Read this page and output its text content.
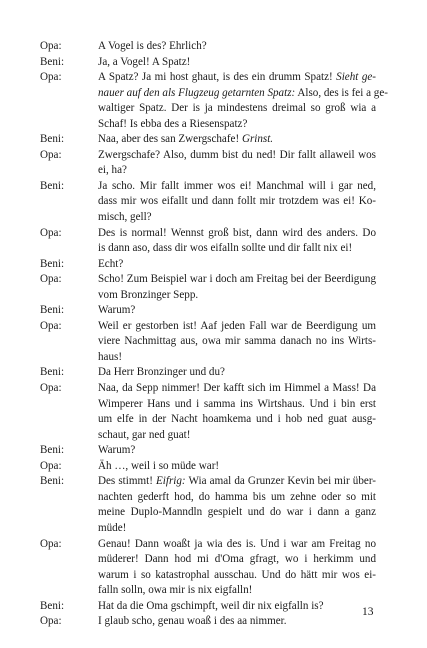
Opa:	A Vogel is des? Ehrlich?
Beni:	Ja, a Vogel! A Spatz!
Opa:	A Spatz? Ja mi host ghaut, is des ein drumm Spatz! Sieht ge-
nauer auf den als Flugzeug getarnten Spatz: Also, des is fei a ge-
waltiger Spatz. Der is ja mindestens dreimal so groß wia a
Schaf! Is ebba des a Riesenspatz?
Beni:	Naa, aber des san Zwergschafe! Grinst.
Opa:	Zwergschafe? Also, dumm bist du ned! Dir fallt allaweil wos
ei, ha?
Beni:	Ja scho. Mir fallt immer wos ei! Manchmal will i gar ned,
dass mir wos eifallt und dann follt mir trotzdem was ei! Ko-
misch, gell?
Opa:	Des is normal! Wennst groß bist, dann wird des anders. Do
is dann aso, dass dir wos eifalln sollte und dir fallt nix ei!
Beni:	Echt?
Opa:	Scho! Zum Beispiel war i doch am Freitag bei der Beerdigung
vom Bronzinger Sepp.
Beni:	Warum?
Opa:	Weil er gestorben ist! Aaf jeden Fall war de Beerdigung um
viere Nachmittag aus, owa mir samma danach no ins Wirts-
haus!
Beni:	Da Herr Bronzinger und du?
Opa:	Naa, da Sepp nimmer! Der kafft sich im Himmel a Mass! Da
Wimperer Hans und i samma ins Wirtshaus. Und i bin erst
um elfe in der Nacht hoamkema und i hob ned guat ausg-
schaut, gar ned guat!
Beni:	Warum?
Opa:	Äh …, weil i so müde war!
Beni:	Des stimmt! Eifrig: Wia amal da Grunzer Kevin bei mir über-
nachten gederft hod, do hamma bis um zehne oder so mit
meine Duplo-Manndln gespielt und do war i dann a ganz
müde!
Opa:	Genau! Dann woaßt ja wia des is. Und i war am Freitag no
müderer! Dann hod mi d'Oma gfragt, wo i herkimm und
warum i so katastrophal ausschau. Und do hätt mir wos ei-
falln solln, owa mir is nix eigfalln!
Beni:	Hat da die Oma gschimpft, weil dir nix eigfalln is?
Opa:	I glaub scho, genau woaß i des aa nimmer.
13
